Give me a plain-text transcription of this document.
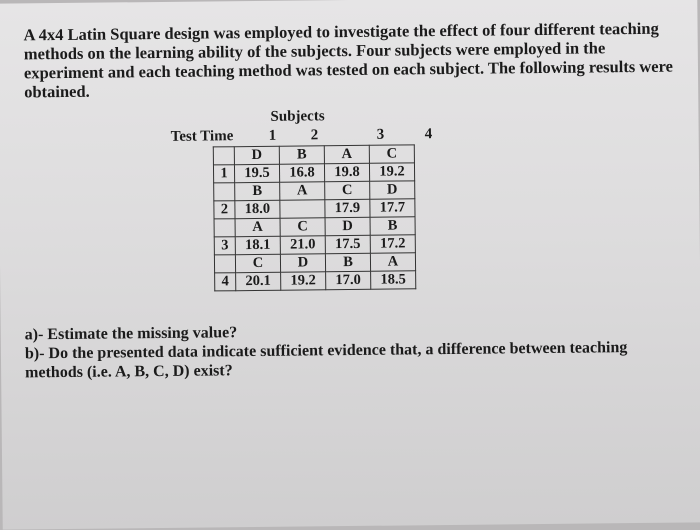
A 4x4 Latin Square design was employed to investigate the effect of four different teaching
methods on the learning ability of the subjects. Four subjects were employed in the
experiment and each teaching method was tested on each subject. The following results were
obtained.
Subjects
Test Time 1 2	3	4
	D	B	A	C
1	19.5	16.8	19.8	19.2
	B	A	C	D
2	18.0		17.9	17.7
	A	C	D	B
3	18.1	21.0	17.5	17.2
	C	D	B	A
4	20.1	19.2	17.0	18.5

a)- Estimate the missing value?

b)- Do the presented data indicate sufficient evidence that, a difference between teaching

methods (i.e. A, B, C, D) exist?
